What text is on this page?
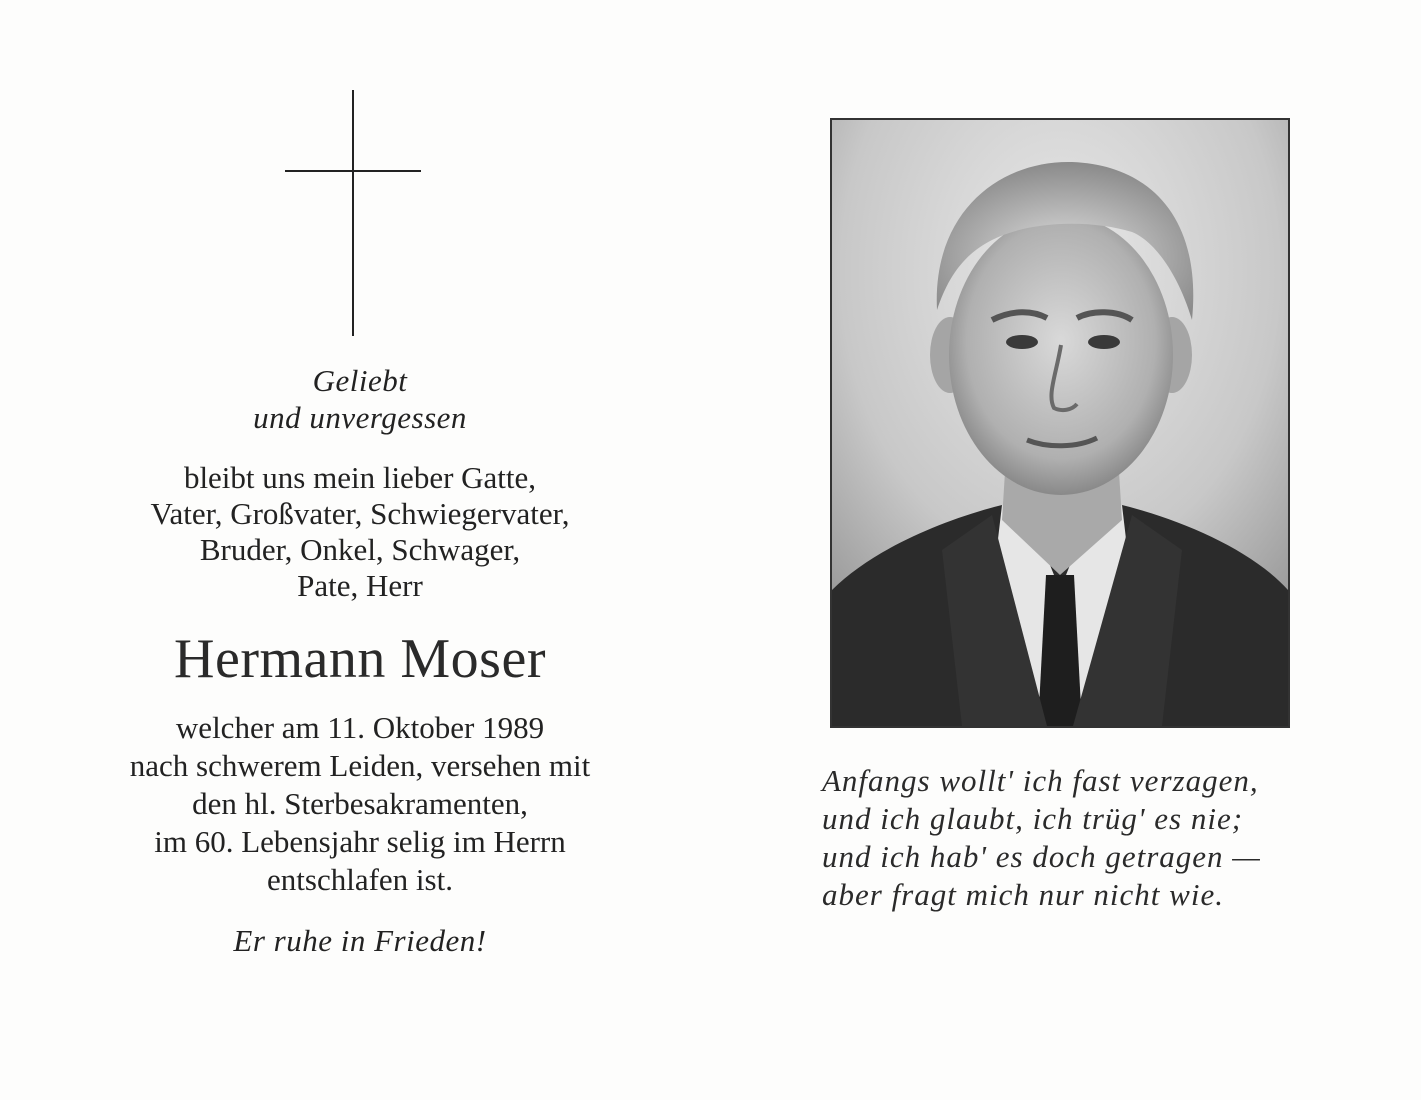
Geliebt
und unvergessen
bleibt uns mein lieber Gatte,
Vater, Großvater, Schwiegervater,
Bruder, Onkel, Schwager,
Pate, Herr
Hermann Moser
welcher am 11. Oktober 1989
nach schwerem Leiden, versehen mit
den hl. Sterbesakramenten,
im 60. Lebensjahr selig im Herrn
entschlafen ist.
Er ruhe in Frieden!
Anfangs wollt' ich fast verzagen,
und ich glaubt, ich trüg' es nie;
und ich hab' es doch getragen —
aber fragt mich nur nicht wie.
